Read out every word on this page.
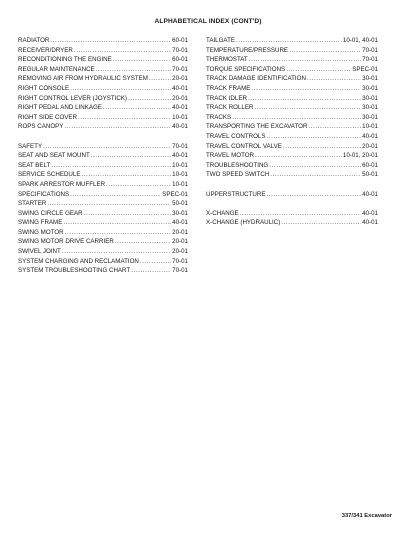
ALPHABETICAL INDEX (CONT'D)
RADIATOR .....	60-01
RECEIVER/DRYER .....	70-01
RECONDITIONING THE ENGINE .....	60-01
REGULAR MAINTENANCE .....	70-01
REMOVING AIR FROM HYDRAULIC SYSTEM .....	20-01
RIGHT CONSOLE .....	40-01
RIGHT CONTROL LEVER (JOYSTICK) .....	20-01
RIGHT PEDAL AND LINKAGE .....	40-01
RIGHT SIDE COVER .....	10-01
ROPS CANOPY .....	40-01
SAFETY .....	70-01
SEAT AND SEAT MOUNT .....	40-01
SEAT BELT .....	10-01
SERVICE SCHEDULE .....	10-01
SPARK ARRESTOR MUFFLER .....	10-01
SPECIFICATIONS .....	SPEC-01
STARTER .....	50-01
SWING CIRCLE GEAR .....	30-01
SWING FRAME .....	40-01
SWING MOTOR .....	20-01
SWING MOTOR DRIVE CARRIER .....	20-01
SWIVEL JOINT .....	20-01
SYSTEM CHARGING AND RECLAMATION .....	70-01
SYSTEM TROUBLESHOOTING CHART .....	70-01
TAILGATE .....	10-01, 40-01
TEMPERATURE/PRESSURE .....	70-01
THERMOSTAT .....	70-01
TORQUE SPECIFICATIONS .....	SPEC-01
TRACK DAMAGE IDENTIFICATION .....	30-01
TRACK FRAME .....	30-01
TRACK IDLER .....	30-01
TRACK ROLLER .....	30-01
TRACKS .....	30-01
TRANSPORTING THE EXCAVATOR .....	10-01
TRAVEL CONTROLS .....	40-01
TRAVEL CONTROL VALVE .....	20-01
TRAVEL MOTOR .....	10-01, 20-01
TROUBLESHOOTING .....	60-01
TWO SPEED SWITCH .....	50-01
UPPERSTRUCTURE .....	40-01
X-CHANGE .....	40-01
X-CHANGE (HYDRAULIC) .....	40-01
337/341 Excavator
